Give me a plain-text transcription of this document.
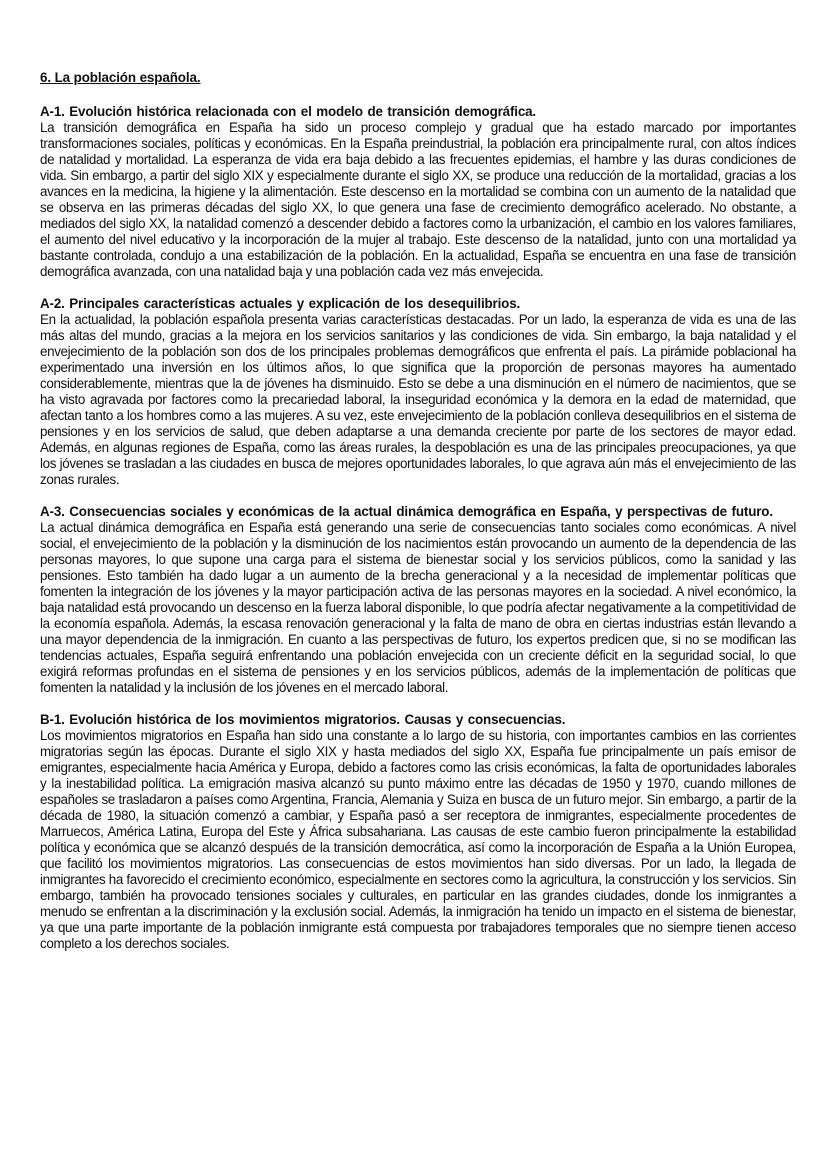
6. La población española.

A-1. Evolución histórica relacionada con el modelo de transición demográfica.

La transición demográfica en España ha sido un proceso complejo y gradual que ha estado marcado por importantes transformaciones sociales, políticas y económicas. En la España preindustrial, la población era principalmente rural, con altos índices de natalidad y mortalidad. La esperanza de vida era baja debido a las frecuentes epidemias, el hambre y las duras condiciones de vida. Sin embargo, a partir del siglo XIX y especialmente durante el siglo XX, se produce una reducción de la mortalidad, gracias a los avances en la medicina, la higiene y la alimentación. Este descenso en la mortalidad se combina con un aumento de la natalidad que se observa en las primeras décadas del siglo XX, lo que genera una fase de crecimiento demográfico acelerado. No obstante, a mediados del siglo XX, la natalidad comenzó a descender debido a factores como la urbanización, el cambio en los valores familiares, el aumento del nivel educativo y la incorporación de la mujer al trabajo. Este descenso de la natalidad, junto con una mortalidad ya bastante controlada, condujo a una estabilización de la población. En la actualidad, España se encuentra en una fase de transición demográfica avanzada, con una natalidad baja y una población cada vez más envejecida.

A-2. Principales características actuales y explicación de los desequilibrios.

En la actualidad, la población española presenta varias características destacadas. Por un lado, la esperanza de vida es una de las más altas del mundo, gracias a la mejora en los servicios sanitarios y las condiciones de vida. Sin embargo, la baja natalidad y el envejecimiento de la población son dos de los principales problemas demográficos que enfrenta el país. La pirámide poblacional ha experimentado una inversión en los últimos años, lo que significa que la proporción de personas mayores ha aumentado considerablemente, mientras que la de jóvenes ha disminuido. Esto se debe a una disminución en el número de nacimientos, que se ha visto agravada por factores como la precariedad laboral, la inseguridad económica y la demora en la edad de maternidad, que afectan tanto a los hombres como a las mujeres. A su vez, este envejecimiento de la población conlleva desequilibrios en el sistema de pensiones y en los servicios de salud, que deben adaptarse a una demanda creciente por parte de los sectores de mayor edad. Además, en algunas regiones de España, como las áreas rurales, la despoblación es una de las principales preocupaciones, ya que los jóvenes se trasladan a las ciudades en busca de mejores oportunidades laborales, lo que agrava aún más el envejecimiento de las zonas rurales.

A-3. Consecuencias sociales y económicas de la actual dinámica demográfica en España, y perspectivas de futuro.

La actual dinámica demográfica en España está generando una serie de consecuencias tanto sociales como económicas. A nivel social, el envejecimiento de la población y la disminución de los nacimientos están provocando un aumento de la dependencia de las personas mayores, lo que supone una carga para el sistema de bienestar social y los servicios públicos, como la sanidad y las pensiones. Esto también ha dado lugar a un aumento de la brecha generacional y a la necesidad de implementar políticas que fomenten la integración de los jóvenes y la mayor participación activa de las personas mayores en la sociedad. A nivel económico, la baja natalidad está provocando un descenso en la fuerza laboral disponible, lo que podría afectar negativamente a la competitividad de la economía española. Además, la escasa renovación generacional y la falta de mano de obra en ciertas industrias están llevando a una mayor dependencia de la inmigración. En cuanto a las perspectivas de futuro, los expertos predicen que, si no se modifican las tendencias actuales, España seguirá enfrentando una población envejecida con un creciente déficit en la seguridad social, lo que exigirá reformas profundas en el sistema de pensiones y en los servicios públicos, además de la implementación de políticas que fomenten la natalidad y la inclusión de los jóvenes en el mercado laboral.

B-1. Evolución histórica de los movimientos migratorios. Causas y consecuencias.

Los movimientos migratorios en España han sido una constante a lo largo de su historia, con importantes cambios en las corrientes migratorias según las épocas. Durante el siglo XIX y hasta mediados del siglo XX, España fue principalmente un país emisor de emigrantes, especialmente hacia América y Europa, debido a factores como las crisis económicas, la falta de oportunidades laborales y la inestabilidad política. La emigración masiva alcanzó su punto máximo entre las décadas de 1950 y 1970, cuando millones de españoles se trasladaron a países como Argentina, Francia, Alemania y Suiza en busca de un futuro mejor. Sin embargo, a partir de la década de 1980, la situación comenzó a cambiar, y España pasó a ser receptora de inmigrantes, especialmente procedentes de Marruecos, América Latina, Europa del Este y África subsahariana. Las causas de este cambio fueron principalmente la estabilidad política y económica que se alcanzó después de la transición democrática, así como la incorporación de España a la Unión Europea, que facilitó los movimientos migratorios. Las consecuencias de estos movimientos han sido diversas. Por un lado, la llegada de inmigrantes ha favorecido el crecimiento económico, especialmente en sectores como la agricultura, la construcción y los servicios. Sin embargo, también ha provocado tensiones sociales y culturales, en particular en las grandes ciudades, donde los inmigrantes a menudo se enfrentan a la discriminación y la exclusión social. Además, la inmigración ha tenido un impacto en el sistema de bienestar, ya que una parte importante de la población inmigrante está compuesta por trabajadores temporales que no siempre tienen acceso completo a los derechos sociales.
